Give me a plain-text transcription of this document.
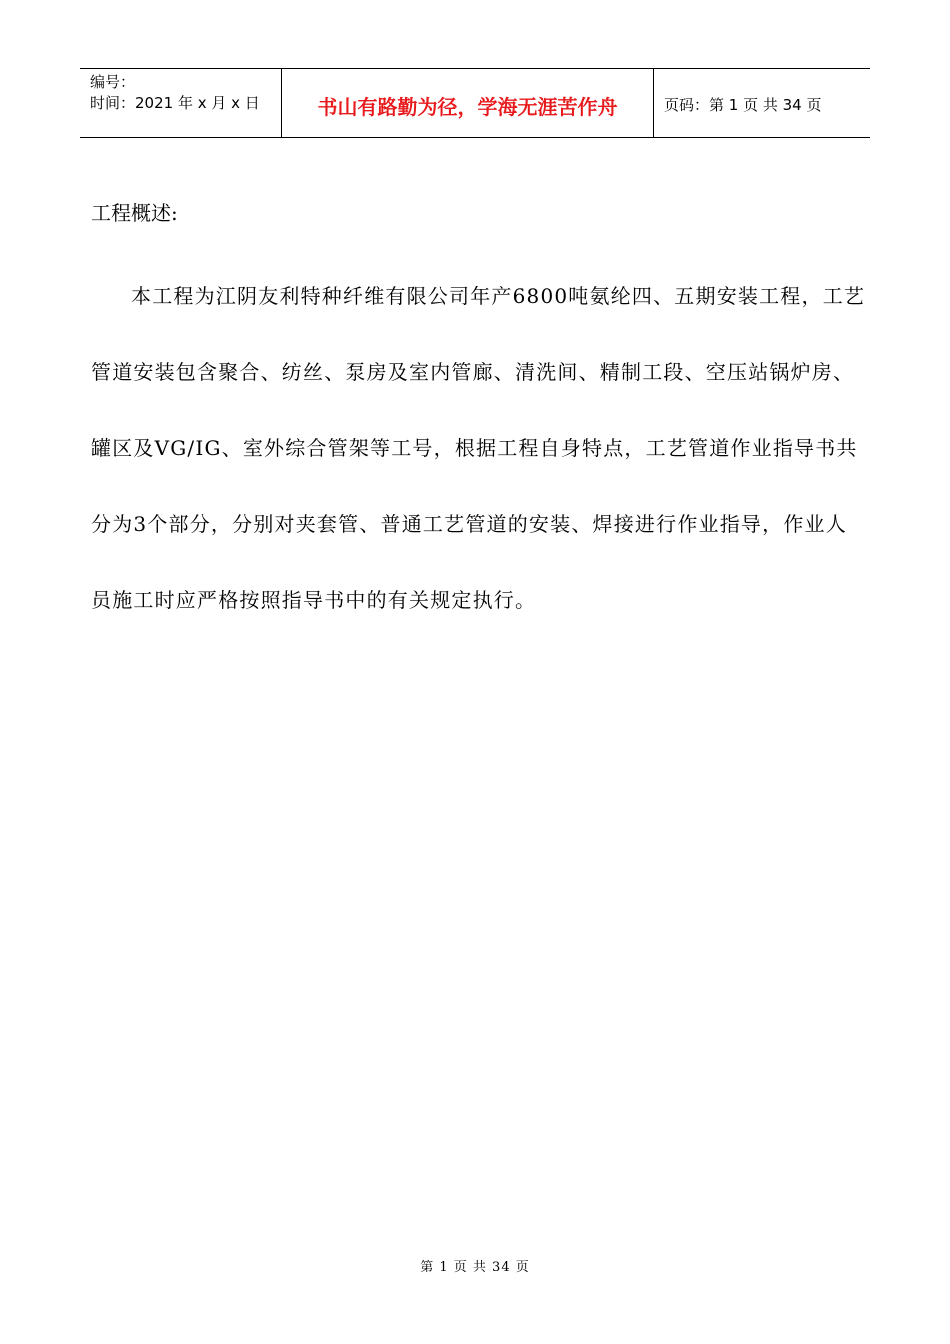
编号：
时间：2021 年 x 月 x 日	书山有路勤为径，学海无涯苦作舟	页码：第 1 页 共 34 页
工程概述:

本工程为江阴友利特种纤维有限公司年产6800吨氨纶四、五期安装工程，工艺管道安装包含聚合、纺丝、泵房及室内管廊、清洗间、精制工段、空压站锅炉房、罐区及VG/IG、室外综合管架等工号，根据工程自身特点，工艺管道作业指导书共分为3个部分，分别对夹套管、普通工艺管道的安装、焊接进行作业指导，作业人员施工时应严格按照指导书中的有关规定执行。

第 1 页 共 34 页
